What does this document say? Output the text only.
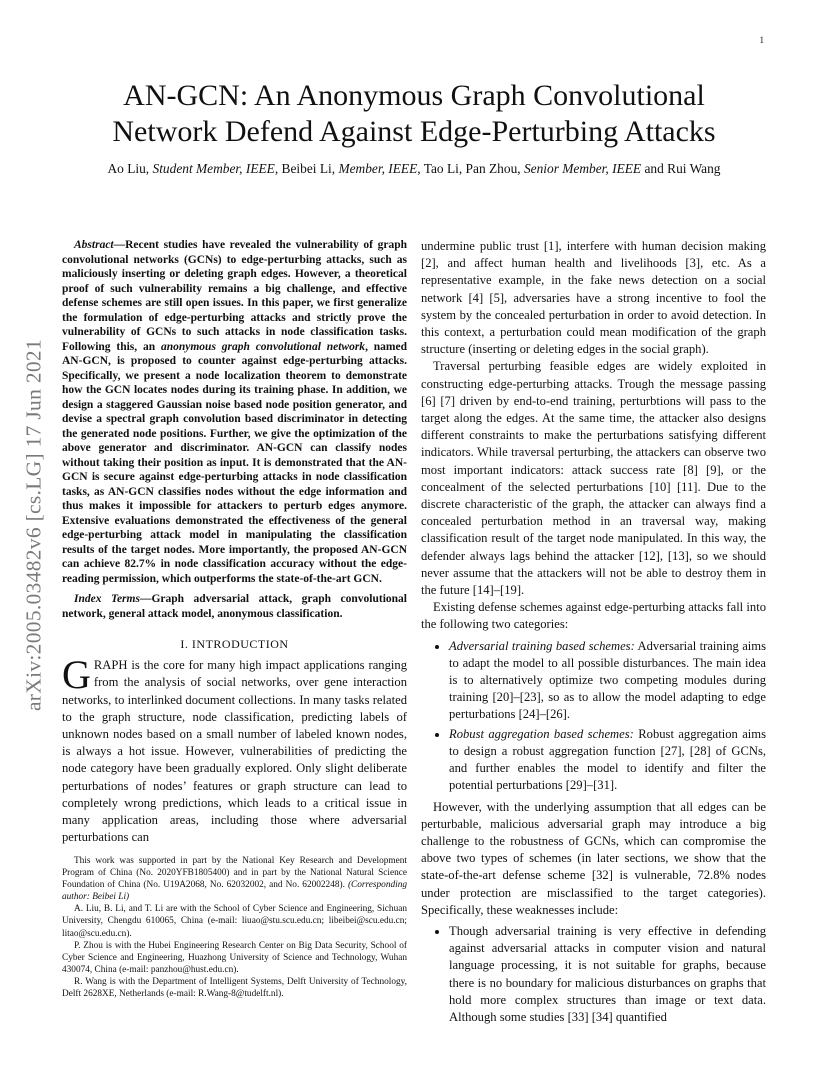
1
arXiv:2005.03482v6 [cs.LG] 17 Jun 2021
AN-GCN: An Anonymous Graph Convolutional
Network Defend Against Edge-Perturbing Attacks
Ao Liu, Student Member, IEEE, Beibei Li, Member, IEEE, Tao Li, Pan Zhou, Senior Member, IEEE and Rui Wang

Abstract—Recent studies have revealed the vulnerability of graph convolutional networks (GCNs) to edge-perturbing attacks, such as maliciously inserting or deleting graph edges. However, a theoretical proof of such vulnerability remains a big challenge, and effective defense schemes are still open issues. In this paper, we first generalize the formulation of edge-perturbing attacks and strictly prove the vulnerability of GCNs to such attacks in node classification tasks. Following this, an anonymous graph convolutional network, named AN-GCN, is proposed to counter against edge-perturbing attacks. Specifically, we present a node localization theorem to demonstrate how the GCN locates nodes during its training phase. In addition, we design a staggered Gaussian noise based node position generator, and devise a spectral graph convolution based discriminator in detecting the generated node positions. Further, we give the optimization of the above generator and discriminator. AN-GCN can classify nodes without taking their position as input. It is demonstrated that the AN-GCN is secure against edge-perturbing attacks in node classification tasks, as AN-GCN classifies nodes without the edge information and thus makes it impossible for attackers to perturb edges anymore. Extensive evaluations demonstrated the effectiveness of the general edge-perturbing attack model in manipulating the classification results of the target nodes. More importantly, the proposed AN-GCN can achieve 82.7% in node classification accuracy without the edge-reading permission, which outperforms the state-of-the-art GCN.

Index Terms—Graph adversarial attack, graph convolutional network, general attack model, anonymous classification.

I. INTRODUCTION

GRAPH is the core for many high impact applications ranging from the analysis of social networks, over gene interaction networks, to interlinked document collections. In many tasks related to the graph structure, node classification, predicting labels of unknown nodes based on a small number of labeled known nodes, is always a hot issue. However, vulnerabilities of predicting the node category have been gradually explored. Only slight deliberate perturbations of nodes’ features or graph structure can lead to completely wrong predictions, which leads to a critical issue in many application areas, including those where adversarial perturbations can

This work was supported in part by the National Key Research and Development Program of China (No. 2020YFB1805400) and in part by the National Natural Science Foundation of China (No. U19A2068, No. 62032002, and No. 62002248). (Corresponding author: Beibei Li)

A. Liu, B. Li, and T. Li are with the School of Cyber Science and Engineering, Sichuan University, Chengdu 610065, China (e-mail: liuao@stu.scu.edu.cn; libeibei@scu.edu.cn; litao@scu.edu.cn).

P. Zhou is with the Hubei Engineering Research Center on Big Data Security, School of Cyber Science and Engineering, Huazhong University of Science and Technology, Wuhan 430074, China (e-mail: panzhou@hust.edu.cn).

R. Wang is with the Department of Intelligent Systems, Delft University of Technology, Delft 2628XE, Netherlands (e-mail: R.Wang-8@tudelft.nl).

undermine public trust [1], interfere with human decision making [2], and affect human health and livelihoods [3], etc. As a representative example, in the fake news detection on a social network [4] [5], adversaries have a strong incentive to fool the system by the concealed perturbation in order to avoid detection. In this context, a perturbation could mean modification of the graph structure (inserting or deleting edges in the social graph).

Traversal perturbing feasible edges are widely exploited in constructing edge-perturbing attacks. Trough the message passing [6] [7] driven by end-to-end training, perturbtions will pass to the target along the edges. At the same time, the attacker also designs different constraints to make the perturbations satisfying different indicators. While traversal perturbing, the attackers can observe two most important indicators: attack success rate [8] [9], or the concealment of the selected perturbations [10] [11]. Due to the discrete characteristic of the graph, the attacker can always find a concealed perturbation method in an traversal way, making classification result of the target node manipulated. In this way, the defender always lags behind the attacker [12], [13], so we should never assume that the attackers will not be able to destroy them in the future [14]–[19].

Existing defense schemes against edge-perturbing attacks fall into the following two categories:

• Adversarial training based schemes: Adversarial training aims to adapt the model to all possible disturbances. The main idea is to alternatively optimize two competing modules during training [20]–[23], so as to allow the model adapting to edge perturbations [24]–[26].
• Robust aggregation based schemes: Robust aggregation aims to design a robust aggregation function [27], [28] of GCNs, and further enables the model to identify and filter the potential perturbations [29]–[31].

However, with the underlying assumption that all edges can be perturbable, malicious adversarial graph may introduce a big challenge to the robustness of GCNs, which can compromise the above two types of schemes (in later sections, we show that the state-of-the-art defense scheme [32] is vulnerable, 72.8% nodes under protection are misclassified to the target categories). Specifically, these weaknesses include:

• Though adversarial training is very effective in defending against adversarial attacks in computer vision and natural language processing, it is not suitable for graphs, because there is no boundary for malicious disturbances on graphs that hold more complex structures than image or text data. Although some studies [33] [34] quantified
